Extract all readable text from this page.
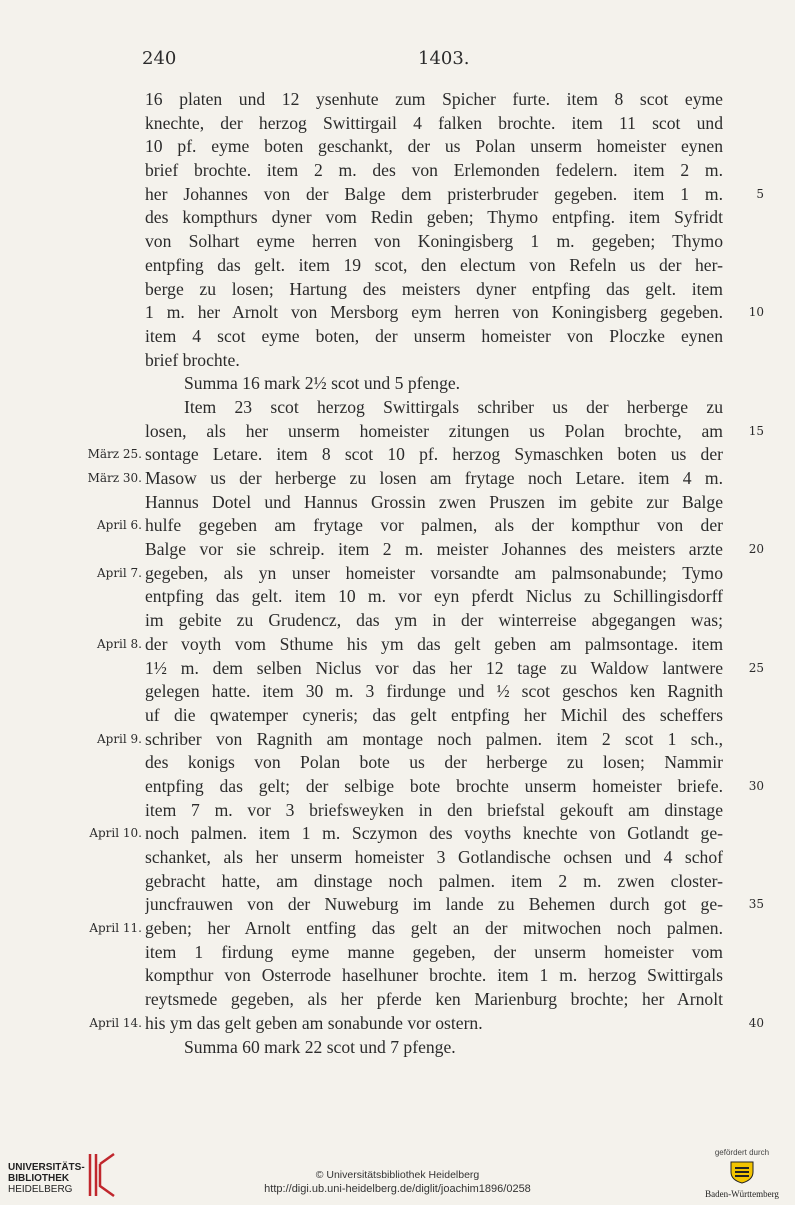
240	1403.
16 platen und 12 ysenhute zum Spicher furte. item 8 scot eyme
knechte, der herzog Swittirgail 4 falken brochte. item 11 scot und
10 pf. eyme boten geschankt, der us Polan unserm homeister eynen
brief brochte. item 2 m. des von Erlemonden fedelern. item 2 m.
her Johannes von der Balge dem pristerbruder gegeben. item 1 m.	5
des kompthurs dyner vom Redin geben; Thymo entpfing. item Syfridt
von Solhart eyme herren von Koningisberg 1 m. gegeben; Thymo
entpfing das gelt. item 19 scot, den electum von Refeln us der her-
berge zu losen; Hartung des meisters dyner entpfing das gelt. item
1 m. her Arnolt von Mersborg eym herren von Koningisberg gegeben.	10
item 4 scot eyme boten, der unserm homeister von Ploczke eynen
brief brochte.
Summa 16 mark 2½ scot und 5 pfenge.
Item 23 scot herzog Swittirgals schriber us der herberge zu
losen, als her unserm homeister zitungen us Polan brochte, am	15
März 25. sontage Letare. item 8 scot 10 pf. herzog Symaschken boten us der
März 30. Masow us der herberge zu losen am frytage noch Letare. item 4 m.
Hannus Dotel und Hannus Grossin zwen Pruszen im gebite zur Balge
April 6. hulfe gegeben am frytage vor palmen, als der kompthur von der
Balge vor sie schreip. item 2 m. meister Johannes des meisters arzte	20
April 7. gegeben, als yn unser homeister vorsandte am palmsonabunde; Tymo
entpfing das gelt. item 10 m. vor eyn pferdt Niclus zu Schillingisdorff
im gebite zu Grudencz, das ym in der winterreise abgegangen was;
April 8. der voyth vom Sthume his ym das gelt geben am palmsontage. item
1½ m. dem selben Niclus vor das her 12 tage zu Waldow lantwere	25
gelegen hatte. item 30 m. 3 firdunge und ½ scot geschos ken Ragnith
uf die qwatemper cyneris; das gelt entpfing her Michil des scheffers
April 9. schriber von Ragnith am montage noch palmen. item 2 scot 1 sch.,
des konigs von Polan bote us der herberge zu losen; Nammir
entpfing das gelt; der selbige bote brochte unserm homeister briefe.	30
item 7 m. vor 3 briefsweyken in den briefstal gekouft am dinstage
April 10. noch palmen. item 1 m. Sczymon des voyths knechte von Gotlandt ge-
schanket, als her unserm homeister 3 Gotlandische ochsen und 4 schof
gebracht hatte, am dinstage noch palmen. item 2 m. zwen closter-
juncfrauwen von der Nuweburg im lande zu Behemen durch got ge-	35
April 11. geben; her Arnolt entfing das gelt an der mitwochen noch palmen.
item 1 firdung eyme manne gegeben, der unserm homeister vom
kompthur von Osterrode haselhuner brochte. item 1 m. herzog Swittirgals
reytsmede gegeben, als her pferde ken Marienburg brochte; her Arnolt
April 14. his ym das gelt geben am sonabunde vor ostern.	40
Summa 60 mark 22 scot und 7 pfenge.
UNIVERSITÄTS-
BIBLIOTHEK
HEIDELBERG
© Universitätsbibliothek Heidelberg
http://digi.ub.uni-heidelberg.de/diglit/joachim1896/0258
gefördert durch
Baden-Württemberg
